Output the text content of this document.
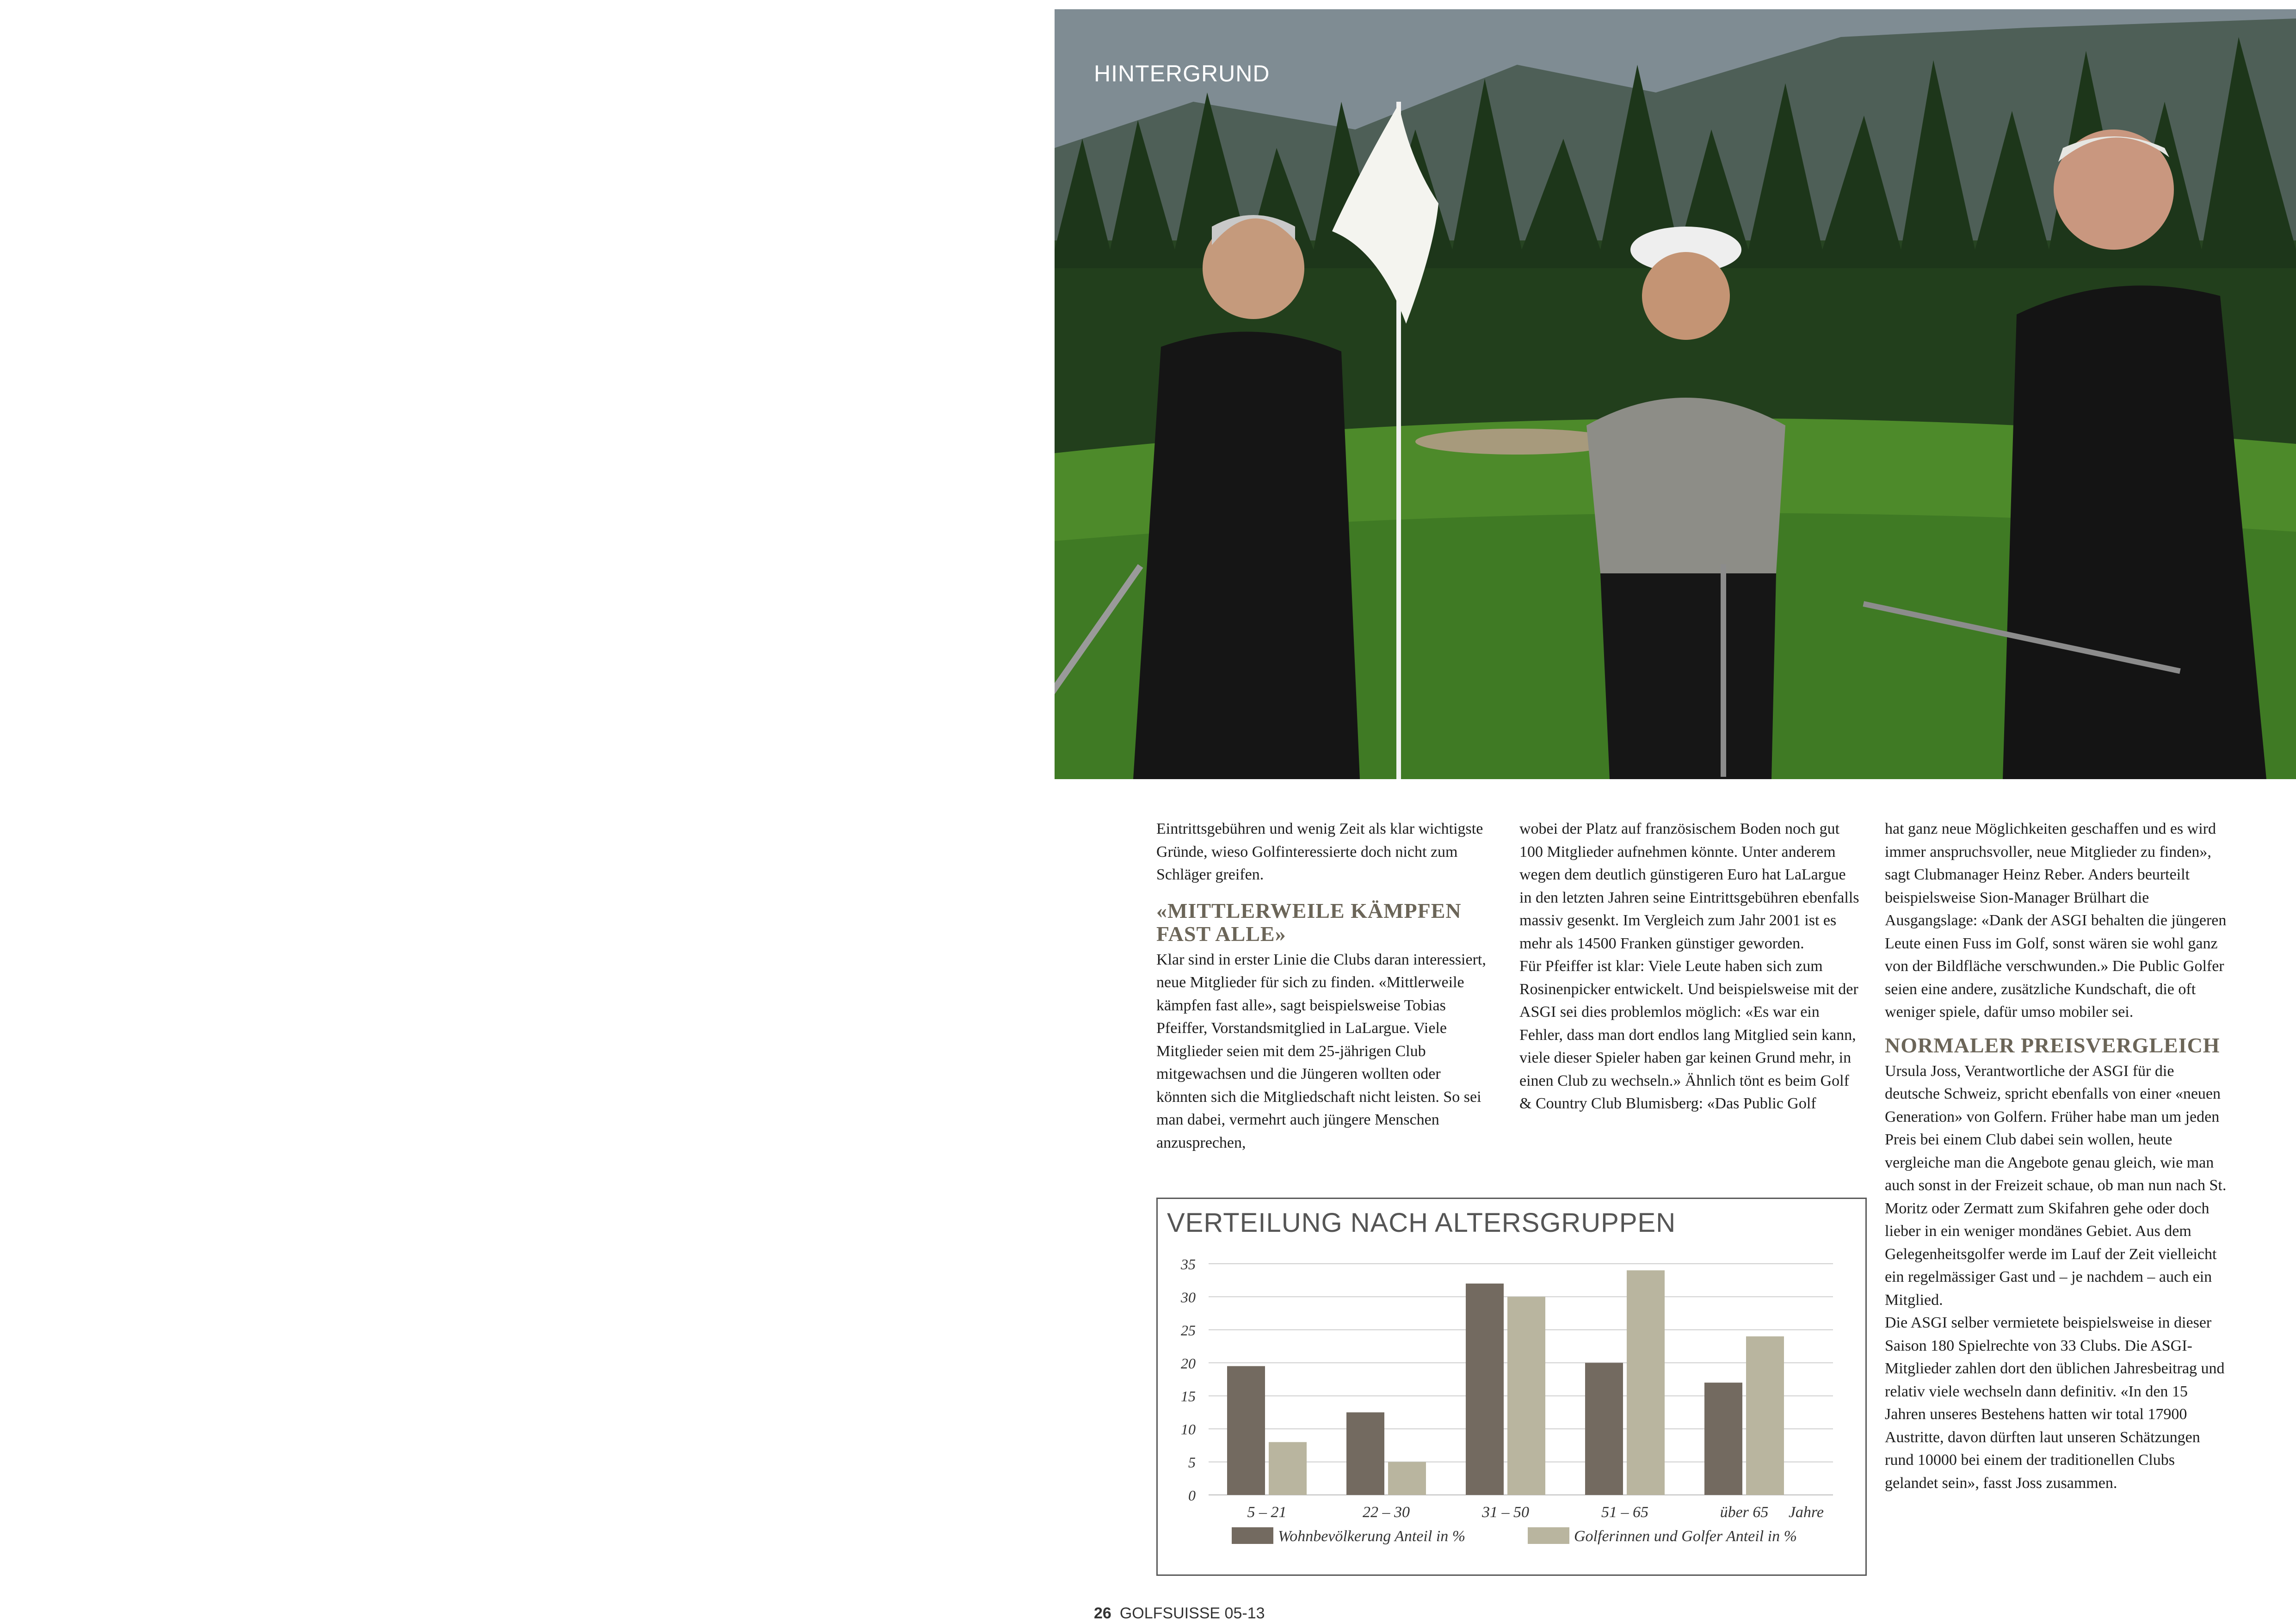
HINTERGRUND

Eintrittsgebühren und wenig Zeit als klar wichtigste Gründe, wieso Golfinteressierte doch nicht zum Schläger greifen.

«MITTLERWEILE KÄMPFEN FAST ALLE»

Klar sind in erster Linie die Clubs daran interessiert, neue Mitglieder für sich zu finden. «Mittlerweile kämpfen fast alle», sagt beispielsweise Tobias Pfeiffer, Vorstandsmitglied in LaLargue. Viele Mitglieder seien mit dem 25-jährigen Club mitgewachsen und die Jüngeren wollten oder könnten sich die Mitgliedschaft nicht leisten. So sei man dabei, vermehrt auch jüngere Menschen anzusprechen,

wobei der Platz auf französischem Boden noch gut 100 Mitglieder aufnehmen könnte. Unter anderem wegen dem deutlich günstigeren Euro hat LaLargue in den letzten Jahren seine Eintrittsgebühren ebenfalls massiv gesenkt. Im Vergleich zum Jahr 2001 ist es mehr als 14500 Franken günstiger geworden.

Für Pfeiffer ist klar: Viele Leute haben sich zum Rosinenpicker entwickelt. Und beispielsweise mit der ASGI sei dies problemlos möglich: «Es war ein Fehler, dass man dort endlos lang Mitglied sein kann, viele dieser Spieler haben gar keinen Grund mehr, in einen Club zu wechseln.» Ähnlich tönt es beim Golf & Country Club Blumisberg: «Das Public Golf

hat ganz neue Möglichkeiten geschaffen und es wird immer anspruchsvoller, neue Mitglieder zu finden», sagt Clubmanager Heinz Reber. Anders beurteilt beispielsweise Sion-Manager Brülhart die Ausgangslage: «Dank der ASGI behalten die jüngeren Leute einen Fuss im Golf, sonst wären sie wohl ganz von der Bildfläche verschwunden.» Die Public Golfer seien eine andere, zusätzliche Kundschaft, die oft weniger spiele, dafür umso mobiler sei.

NORMALER PREISVERGLEICH

Ursula Joss, Verantwortliche der ASGI für die deutsche Schweiz, spricht ebenfalls von einer «neuen Generation» von Golfern. Früher habe man um jeden Preis bei einem Club dabei sein wollen, heute vergleiche man die Angebote genau gleich, wie man auch sonst in der Freizeit schaue, ob man nun nach St. Moritz oder Zermatt zum Skifahren gehe oder doch lieber in ein weniger mondänes Gebiet. Aus dem Gelegenheitsgolfer werde im Lauf der Zeit vielleicht ein regelmässiger Gast und – je nachdem – auch ein Mitglied.

Die ASGI selber vermietete beispielsweise in dieser Saison 180 Spielrechte von 33 Clubs. Die ASGI-Mitglieder zahlen dort den üblichen Jahresbeitrag und relativ viele wechseln dann definitiv. «In den 15 Jahren unseres Bestehens hatten wir total 17900 Austritte, davon dürften laut unseren Schätzungen rund 10000 bei einem der traditionellen Clubs gelandet sein», fasst Joss zusammen.

VERTEILUNG NACH ALTERSGRUPPEN
0
5
10
15
20
25
30
35
5 – 21	22 – 30	31 – 50	51 – 65	über 65 Jahre
Wohnbevölkerung Anteil in %	Golferinnen und Golfer Anteil in %
26 GOLFSUISSE 05-13
